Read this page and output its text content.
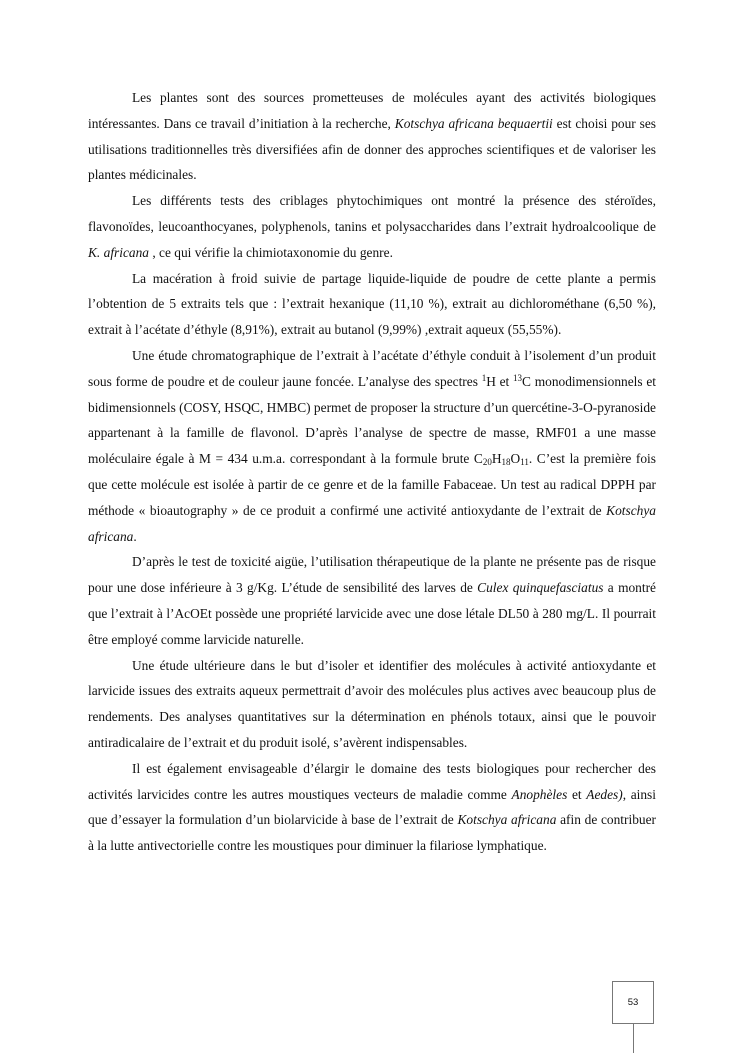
Les plantes sont des sources prometteuses de molécules ayant des activités biologiques intéressantes. Dans ce travail d’initiation à la recherche, Kotschya africana bequaertii est choisi pour ses utilisations traditionnelles très diversifiées afin de donner des approches scientifiques et de valoriser les plantes médicinales.

Les différents tests des criblages phytochimiques ont montré la présence des stéroïdes, flavonoïdes, leucoanthocyanes, polyphenols, tanins et polysaccharides dans l’extrait hydroalcoolique de K. africana , ce qui vérifie la chimiotaxonomie du genre.

La macération à froid suivie de partage liquide-liquide de poudre de cette plante a permis l’obtention de 5 extraits tels que : l’extrait hexanique (11,10 %), extrait au dichlorométhane (6,50 %), extrait à l’acétate d’éthyle (8,91%), extrait au butanol (9,99%) ,extrait aqueux (55,55%).

Une étude chromatographique de l’extrait à l’acétate d’éthyle conduit à l’isolement d’un produit sous forme de poudre et de couleur jaune foncée. L’analyse des spectres $^1$H et $^{13}$C monodimensionnels et bidimensionnels (COSY, HSQC, HMBC) permet de proposer la structure d’un quercétine-3-O-pyranoside appartenant à la famille de flavonol. D’après l’analyse de spectre de masse, RMF01 a une masse moléculaire égale à M = 434 u.m.a. correspondant à la formule brute $C_{20}H_{18}O_{11}$. C’est la première fois que cette molécule est isolée à partir de ce genre et de la famille Fabaceae. Un test au radical DPPH par méthode « bioautography » de ce produit a confirmé une activité antioxydante de l’extrait de Kotschya africana.

D’après le test de toxicité aigüe, l’utilisation thérapeutique de la plante ne présente pas de risque pour une dose inférieure à 3 g/Kg. L’étude de sensibilité des larves de Culex quinquefasciatus a montré que l’extrait à l’AcOEt possède une propriété larvicide avec une dose létale DL50 à 280 mg/L. Il pourrait être employé comme larvicide naturelle.

Une étude ultérieure dans le but d’isoler et identifier des molécules à activité antioxydante et larvicide issues des extraits aqueux permettrait d’avoir des molécules plus actives avec beaucoup plus de rendements. Des analyses quantitatives sur la détermination en phénols totaux, ainsi que le pouvoir antiradicalaire de l’extrait et du produit isolé, s’avèrent indispensables.

Il est également envisageable d’élargir le domaine des tests biologiques pour rechercher des activités larvicides contre les autres moustiques vecteurs de maladie comme Anophèles et Aedes), ainsi que d’essayer la formulation d’un biolarvicide à base de l’extrait de Kotschya africana afin de contribuer à la lutte antivectorielle contre les moustiques pour diminuer la filariose lymphatique.

53
